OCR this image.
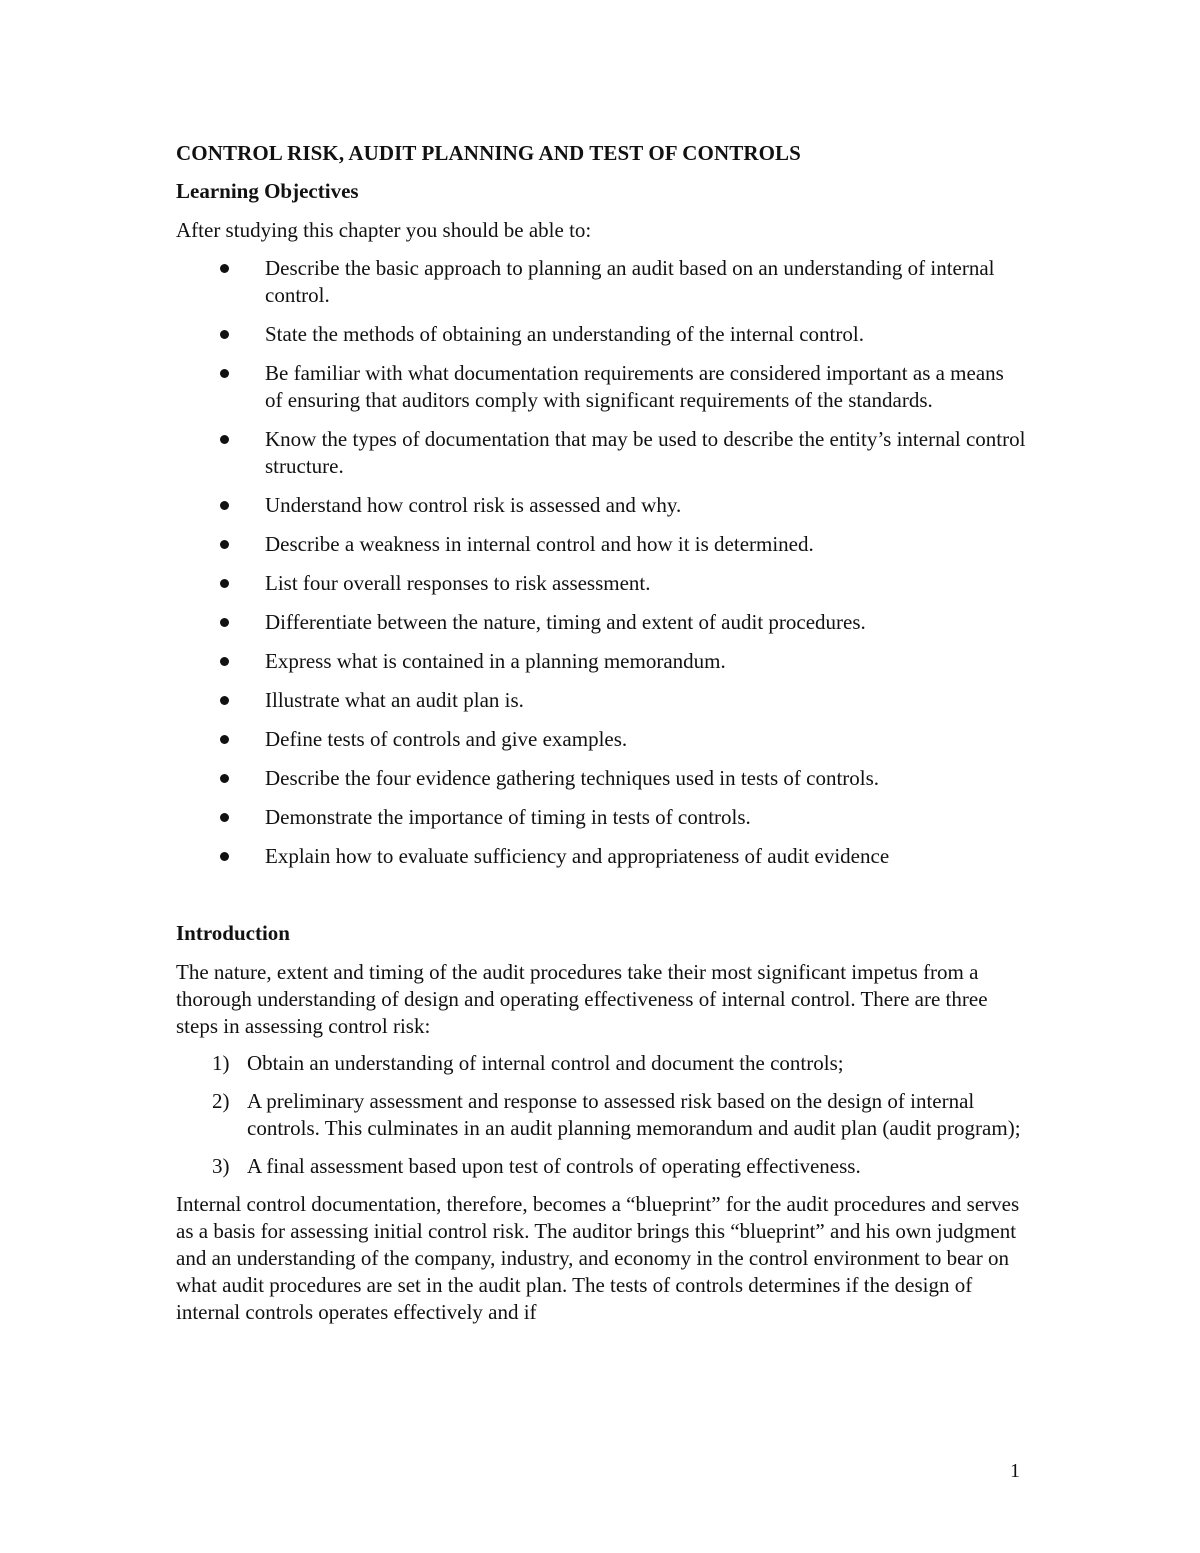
CONTROL RISK, AUDIT PLANNING AND TEST OF CONTROLS
Learning Objectives
After studying this chapter you should be able to:
Describe the basic approach to planning an audit based on an understanding of internal control.
State the methods of obtaining an understanding of the internal control.
Be familiar with what documentation requirements are considered important as a means of ensuring that auditors comply with significant requirements of the standards.
Know the types of documentation that may be used to describe the entity’s internal control structure.
Understand how control risk is assessed and why.
Describe a weakness in internal control and how it is determined.
List four overall responses to risk assessment.
Differentiate between the nature, timing and extent of audit procedures.
Express what is contained in a planning memorandum.
Illustrate what an audit plan is.
Define tests of controls and give examples.
Describe the four evidence gathering techniques used in tests of controls.
Demonstrate the importance of timing in tests of controls.
Explain how to evaluate sufficiency and appropriateness of audit evidence
Introduction

The nature, extent and timing of the audit procedures take their most significant impetus from a thorough understanding of design and operating effectiveness of internal control. There are three steps in assessing control risk:

1) Obtain an understanding of internal control and document the controls;
2) A preliminary assessment and response to assessed risk based on the design of internal controls. This culminates in an audit planning memorandum and audit plan (audit program);
3) A final assessment based upon test of controls of operating effectiveness.

Internal control documentation, therefore, becomes a “blueprint” for the audit procedures and serves as a basis for assessing initial control risk. The auditor brings this “blueprint” and his own judgment and an understanding of the company, industry, and economy in the control environment to bear on what audit procedures are set in the audit plan. The tests of controls determines if the design of internal controls operates effectively and if

1
